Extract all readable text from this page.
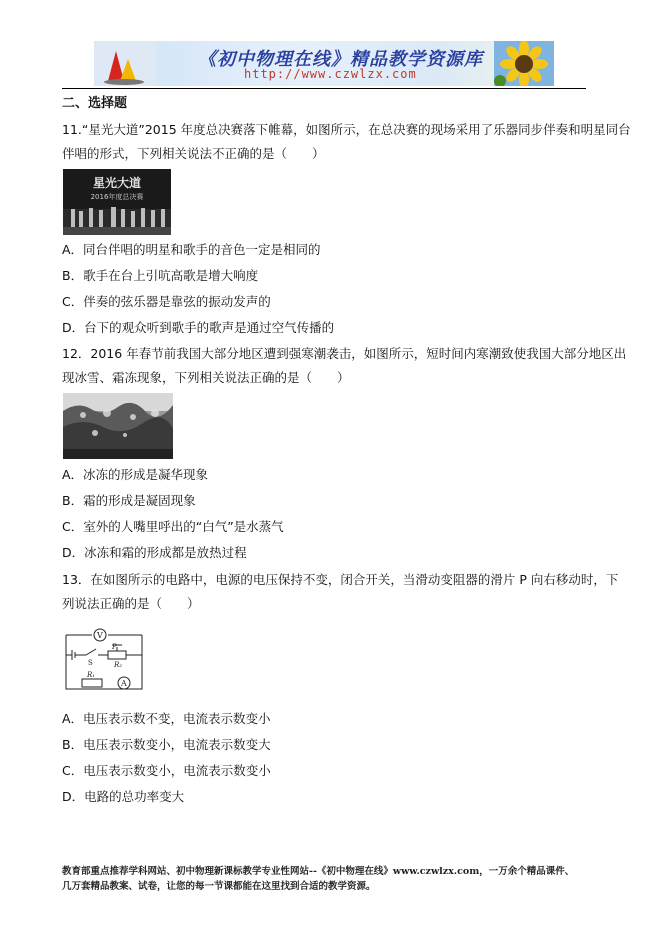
《初中物理在线》精品教学资源库
http://www.czwlzx.com
二、选择题
11.“星光大道”2015 年度总决赛落下帷幕，如图所示，在总决赛的现场采用了乐器同步伴奏和明星同台
伴唱的形式，下列相关说法不正确的是（　　）
星光大道
2016年度总决赛
A．同台伴唱的明星和歌手的音色一定是相同的
B．歌手在台上引吭高歌是增大响度
C．伴奏的弦乐器是靠弦的振动发声的
D．台下的观众听到歌手的歌声是通过空气传播的
12．2016 年春节前我国大部分地区遭到强寒潮袭击，如图所示，短时间内寒潮致使我国大部分地区出
现冰雪、霜冻现象，下列相关说法正确的是（　　）
A．冰冻的形成是凝华现象
B．霜的形成是凝固现象
C．室外的人嘴里呼出的“白气”是水蒸气
D．冰冻和霜的形成都是放热过程
13．在如图所示的电路中，电源的电压保持不变，闭合开关，当滑动变阻器的滑片 P 向右移动时，下
列说法正确的是（　　）
V
A
S
P
R₂
R₁
A．电压表示数不变，电流表示数变小
B．电压表示数变小，电流表示数变大
C．电压表示数变小，电流表示数变小
D．电路的总功率变大
教育部重点推荐学科网站、初中物理新课标教学专业性网站--《初中物理在线》www.czwlzx.com，一万余个精品课件、
几万套精品教案、试卷，让您的每一节课都能在这里找到合适的教学资源。
